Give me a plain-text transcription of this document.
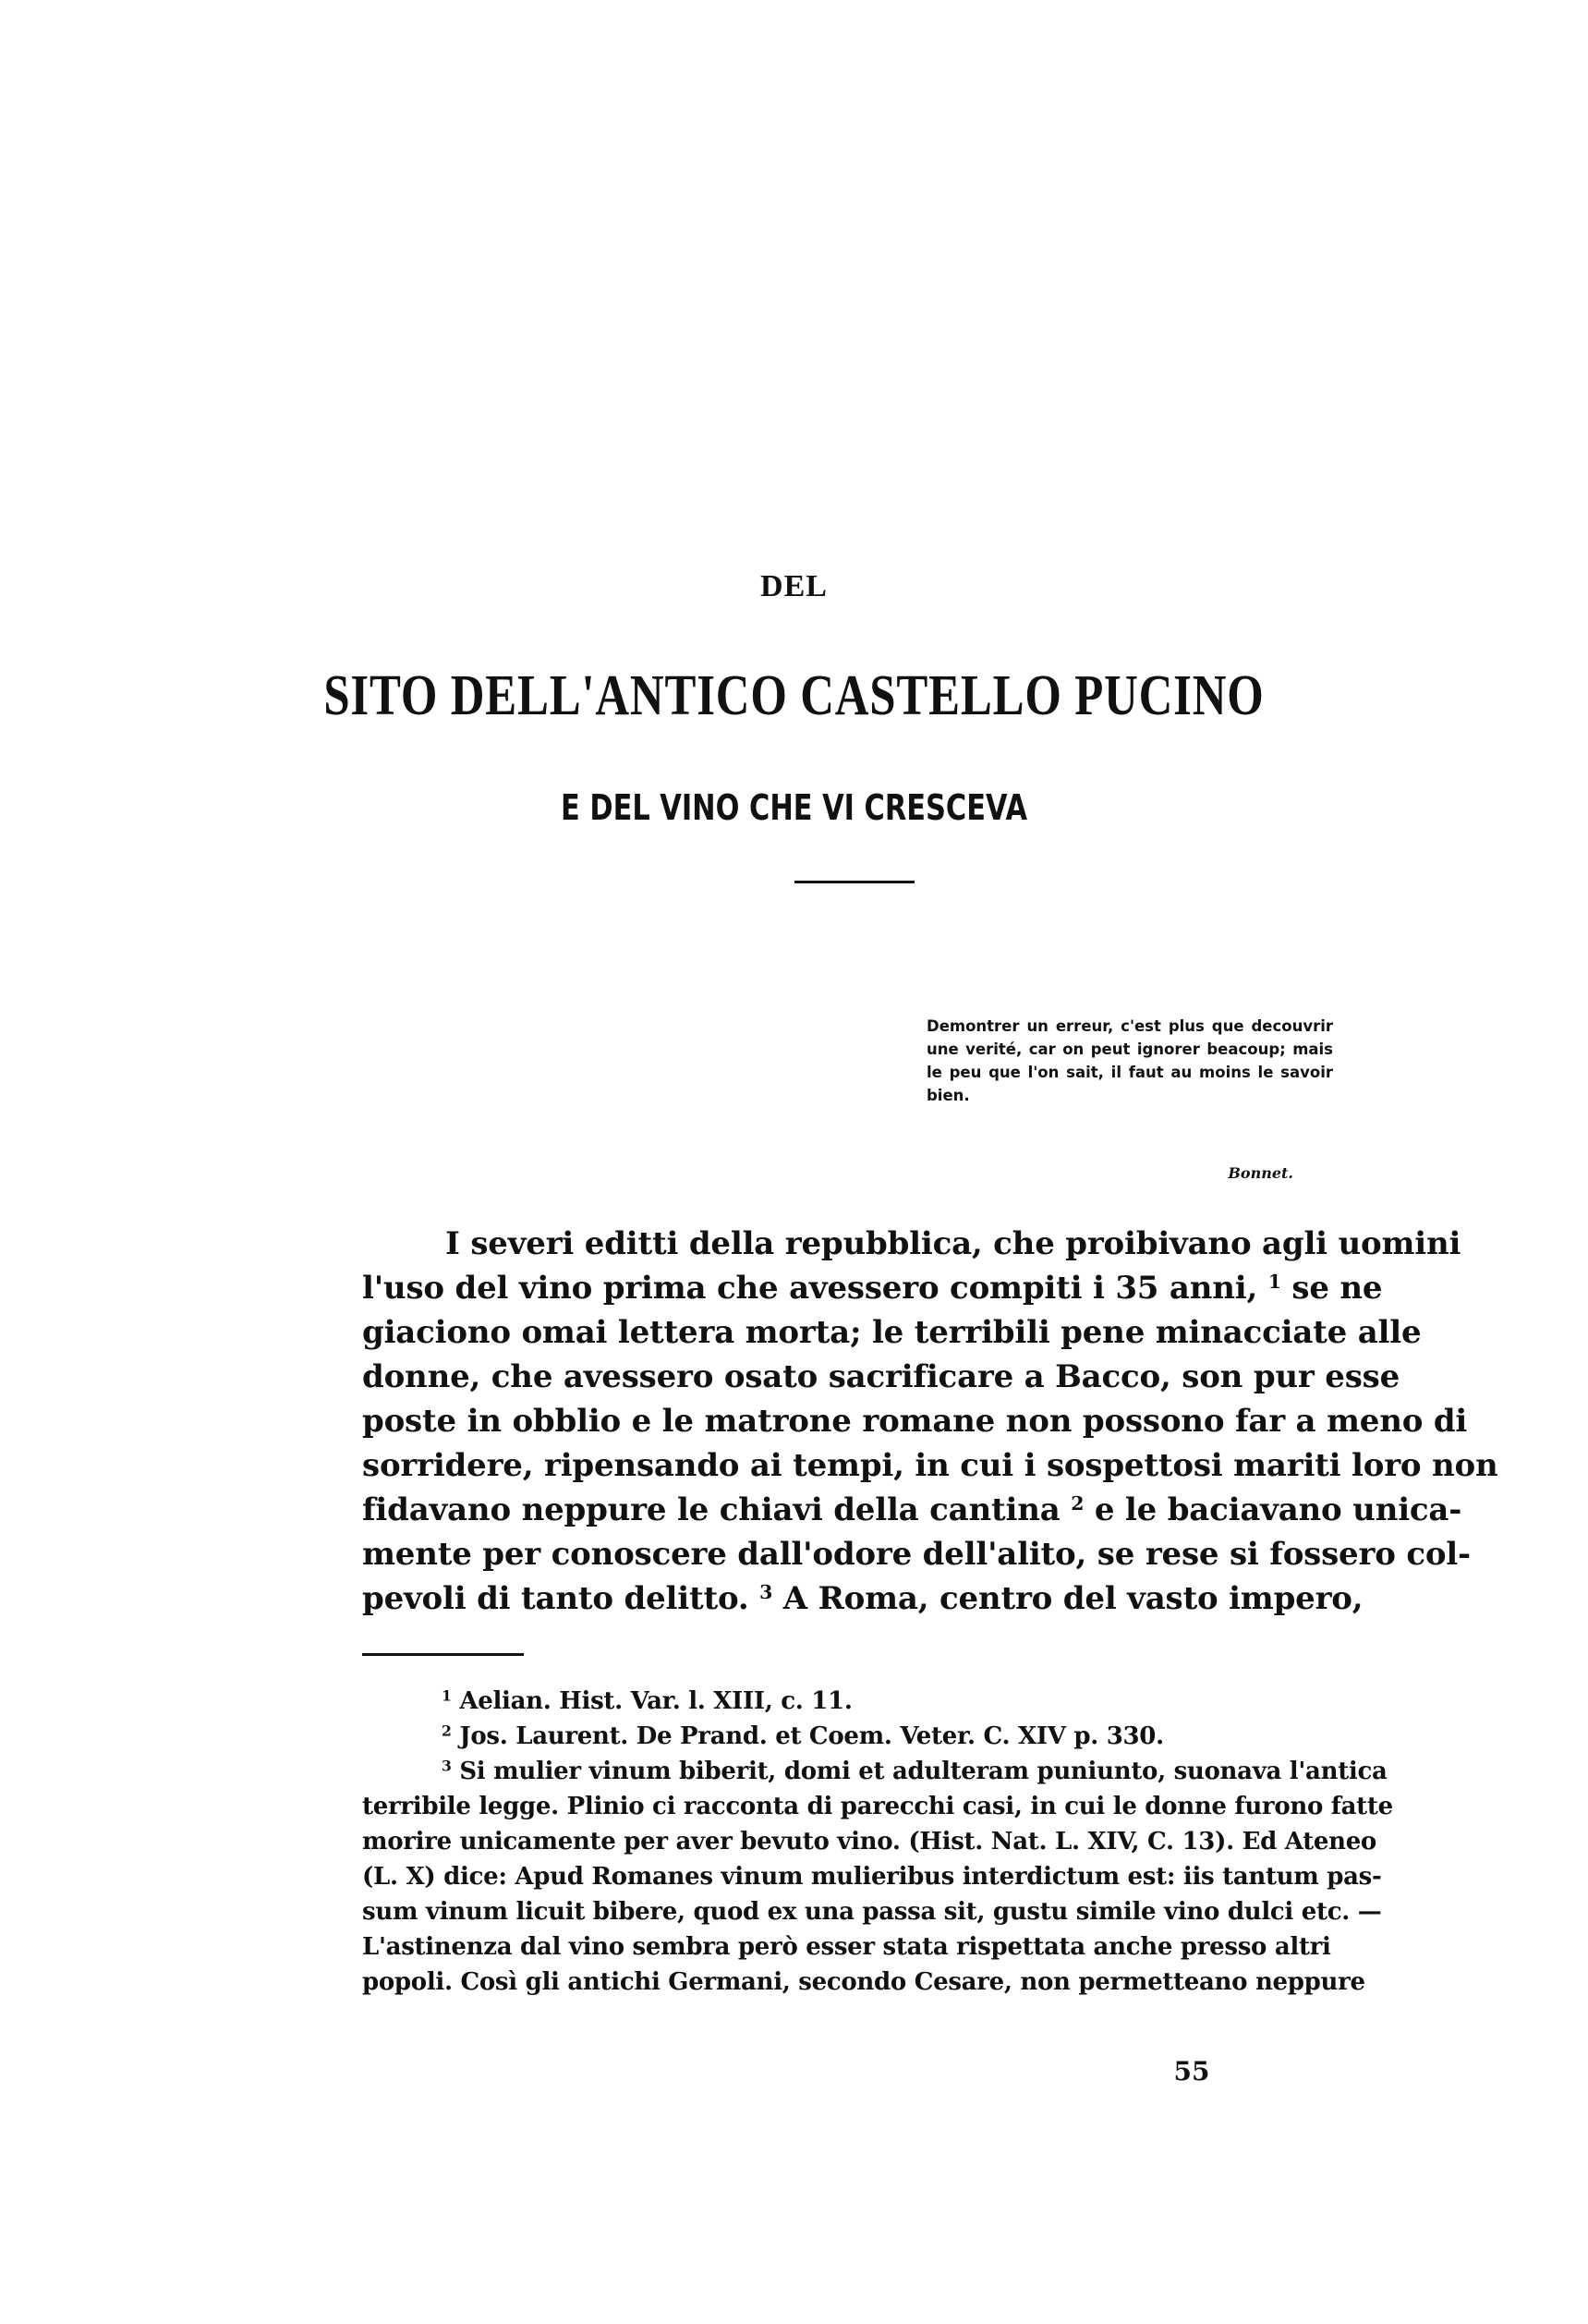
DEL
SITO DELL'ANTICO CASTELLO PUCINO
E DEL VINO CHE VI CRESCEVA

Demontrer un erreur, c'est plus que decouvrir une verité, car on peut ignorer beacoup; mais le peu que l'on sait, il faut au moins le savoir bien.

Bonnet.
I severi editti della repubblica, che proibivano agli uomini
l'uso del vino prima che avessero compiti i 35 anni, $^1$ se ne
giaciono omai lettera morta; le terribili pene minacciate alle
donne, che avessero osato sacrificare a Bacco, son pur esse
poste in obblio e le matrone romane non possono far a meno di
sorridere, ripensando ai tempi, in cui i sospettosi mariti loro non
fidavano neppure le chiavi della cantina $^2$ e le baciavano unica-
mente per conoscere dall'odore dell'alito, se rese si fossero col-
pevoli di tanto delitto. $^3$ A Roma, centro del vasto impero,
$^1$ Aelian. Hist. Var. l. XIII, c. 11.
$^2$ Jos. Laurent. De Prand. et Coem. Veter. C. XIV p. 330.
$^3$ Si mulier vinum biberit, domi et adulteram puniunto, suonava l'antica
terribile legge. Plinio ci racconta di parecchi casi, in cui le donne furono fatte
morire unicamente per aver bevuto vino. (Hist. Nat. L. XIV, C. 13). Ed Ateneo
(L. X) dice: Apud Romanes vinum mulieribus interdictum est: iis tantum pas-
sum vinum licuit bibere, quod ex una passa sit, gustu simile vino dulci etc. —
L'astinenza dal vino sembra però esser stata rispettata anche presso altri
popoli. Così gli antichi Germani, secondo Cesare, non permetteano neppure
55
